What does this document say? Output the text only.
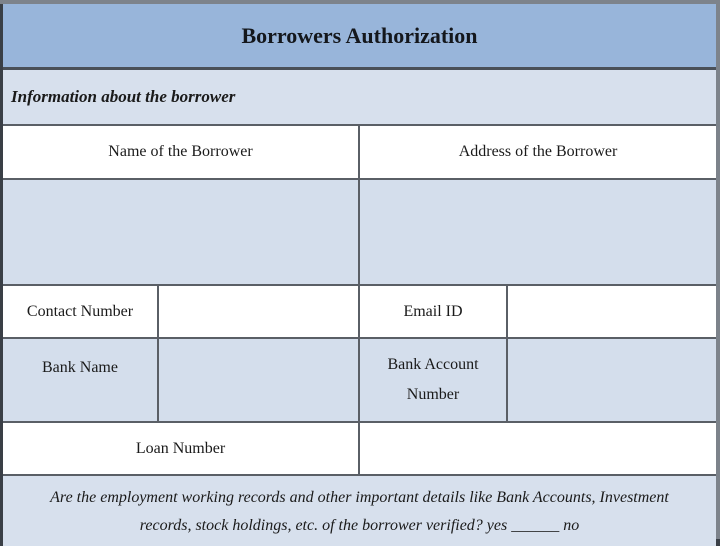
Borrowers Authorization
Information about the borrower
Name of the Borrower	Address of the Borrower
Contact Number	Email ID
Bank Name	Bank Account
Number
Loan Number
Are the employment working records and other important details like Bank Accounts, Investment
records, stock holdings, etc. of the borrower verified? yes ______ no
